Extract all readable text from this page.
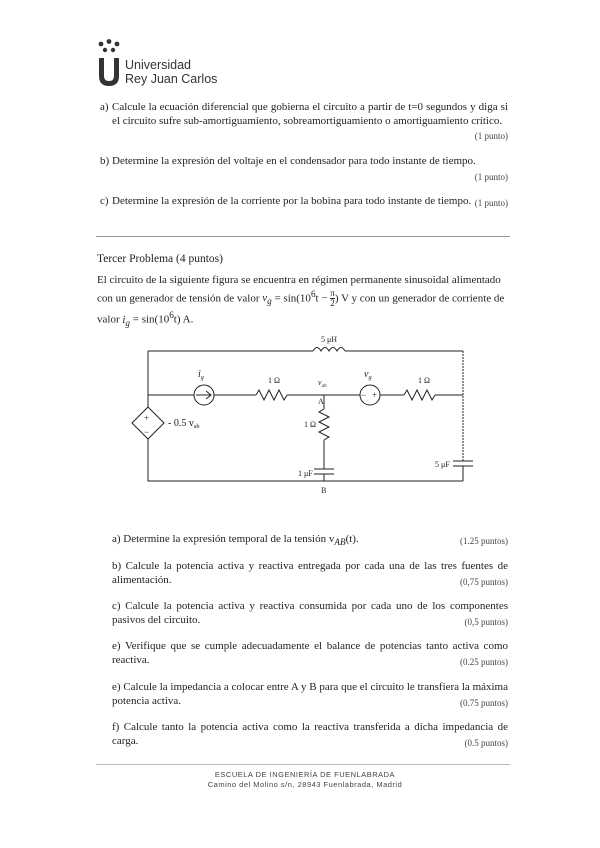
Universidad
Rey Juan Carlos
a) Calcule la ecuación diferencial que gobierna el circuito a partir de t=0 segundos y diga si el circuito sufre sub-amortiguamiento, sobreamortiguamiento o amortiguamiento crítico.
(1 punto)
b) Determine la expresión del voltaje en el condensador para todo instante de tiempo.
(1 punto)
c) Determine la expresión de la corriente por la bobina para todo instante de tiempo. (1 punto)
Tercer Problema (4 puntos)
El circuito de la siguiente figura se encuentra en régimen permanente sinusoidal alimentado con un generador de tensión de valor $v_g = \sin(10^6t - \frac{\pi}{2}$ ) V y con un generador de corriente de valor $i_g = \sin(10^6t)$ A.
5 μH
+
−
- 0.5 $v_{ab}$
$i_g$	1 Ω	$v_{ab}$
A
− +
$v_g$	1 Ω
5 μF
1 Ω
1 μF
B
a) Determine la expresión temporal de la tensión $v_{AB}(t)$.	(1.25 puntos)
b) Calcule la potencia activa y reactiva entregada por cada una de las tres fuentes de alimentación.	(0,75 puntos)
c) Calcule la potencia activa y reactiva consumida por cada uno de los componentes pasivos del circuito.	(0,5 puntos)
e) Verifique que se cumple adecuadamente el balance de potencias tanto activa como reactiva.	(0.25 puntos)
e) Calcule la impedancia a colocar entre A y B para que el circuito le transfiera la máxima potencia activa.	(0.75 puntos)
f) Calcule tanto la potencia activa como la reactiva transferida a dicha impedancia de carga.	(0.5 puntos)
ESCUELA DE INGENIERÍA DE FUENLABRADA
Camino del Molino s/n, 28943 Fuenlabrada, Madrid
